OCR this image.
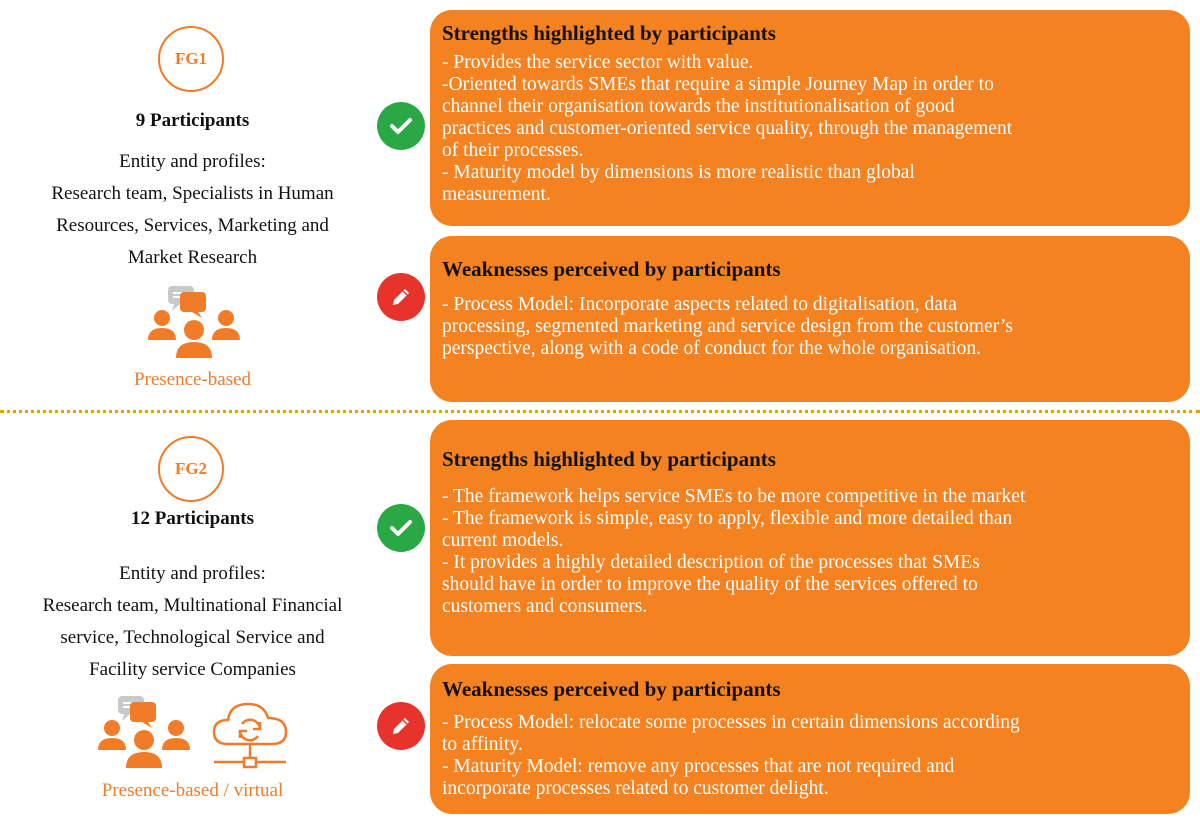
FG1
9 Participants
Entity and profiles:
Research team, Specialists in Human
Resources, Services, Marketing and
Market Research
Presence-based
Strengths highlighted by participants
- Provides the service sector with value.
-Oriented towards SMEs that require a simple Journey Map in order to
channel their organisation towards the institutionalisation of good
practices and customer-oriented service quality, through the management
of their processes.
- Maturity model by dimensions is more realistic than global
measurement.
Weaknesses perceived by participants
- Process Model: Incorporate aspects related to digitalisation, data
processing, segmented marketing and service design from the customer’s
perspective, along with a code of conduct for the whole organisation.
FG2
12 Participants
Entity and profiles:
Research team, Multinational Financial
service, Technological Service and
Facility service Companies
Presence-based / virtual
Strengths highlighted by participants
- The framework helps service SMEs to be more competitive in the market
- The framework is simple, easy to apply, flexible and more detailed than
current models.
- It provides a highly detailed description of the processes that SMEs
should have in order to improve the quality of the services offered to
customers and consumers.
Weaknesses perceived by participants
- Process Model: relocate some processes in certain dimensions according
to affinity.
- Maturity Model: remove any processes that are not required and
incorporate processes related to customer delight.
